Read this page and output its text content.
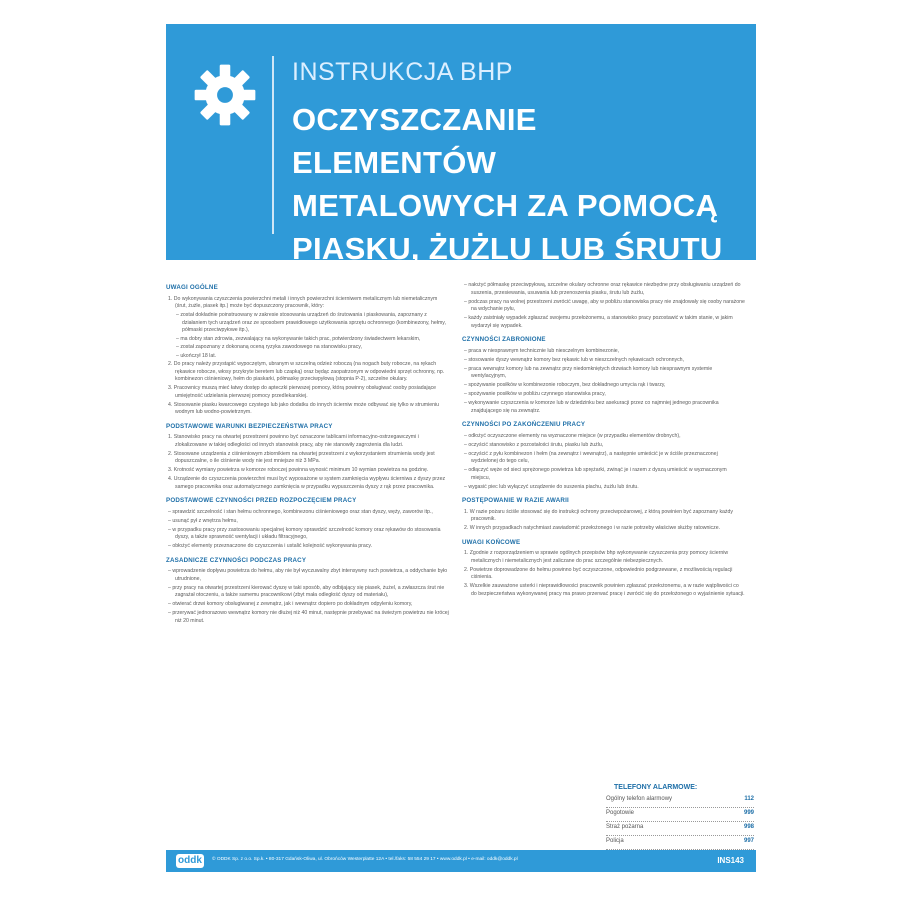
INSTRUKCJA BHP
OCZYSZCZANIE ELEMENTÓW
METALOWYCH ZA POMOCĄ
PIASKU, ŻUŻLU LUB ŚRUTU
UWAGI OGÓLNE
1. Do wykonywania czyszczenia powierzchni metali i innych powierzchni ścierniwem metalicznym lub niemetalicznym (śrut, żużle, piasek itp.) może być dopuszczony pracownik, który:
– został dokładnie poinstruowany w zakresie stosowania urządzeń do śrutowania i piaskowania, zapoznany z działaniem tych urządzeń oraz ze sposobem prawidłowego użytkowania sprzętu ochronnego (kombinezony, hełmy, półmaski przeciwpyłowe itp.),
– ma dobry stan zdrowia, zezwalający na wykonywanie takich prac, potwierdzony świadectwem lekarskim,
– został zapoznany z dokonaną oceną ryzyka zawodowego na stanowisku pracy,
– ukończył 18 lat.
2. Do pracy należy przystąpić wypoczętym, ubranym w szczelną odzież roboczą (na nogach buty robocze, na rękach rękawice robocze, włosy przykryte beretem lub czapką) oraz będąc zaopatrzonym w odpowiedni sprzęt ochronny, np. kombinezon ciśnieniowy, hełm do piaskarki, półmaskę przeciwpyłową (stopnia P-2), szczelne okulary.
3. Pracownicy muszą mieć łatwy dostęp do apteczki pierwszej pomocy, którą powinny obsługiwać osoby posiadające umiejętność udzielania pierwszej pomocy przedlekarskiej.
4. Stosowanie piasku kwarcowego czystego lub jako dodatku do innych ścierniw może odbywać się tylko w strumieniu wodnym lub wodno-powietrznym.
PODSTAWOWE WARUNKI BEZPIECZEŃSTWA PRACY
1. Stanowisko pracy na otwartej przestrzeni powinno być oznaczone tablicami informacyjno-ostrzegawczymi i zlokalizowane w takiej odległości od innych stanowisk pracy, aby nie stanowiły zagrożenia dla ludzi.
2. Stosowane urządzenia z ciśnieniowym zbiornikiem na otwartej przestrzeni z wykorzystaniem strumienia wody jest dopuszczalne, o ile ciśnienie wody nie jest mniejsze niż 3 MPa.
3. Krotność wymiany powietrza w komorze roboczej powinna wynosić minimum 10 wymian powietrza na godzinę.
4. Urządzenie do czyszczenia powierzchni musi być wyposażone w system zamknięcia wypływu ścierniwa z dyszy przez samego pracownika oraz automatycznego zamknięcia w przypadku wypuszczenia dyszy z rąk przez pracownika.
PODSTAWOWE CZYNNOŚCI PRZED ROZPOCZĘCIEM PRACY
– sprawdzić szczelność i stan hełmu ochronnego, kombinezonu ciśnieniowego oraz stan dyszy, węży, zaworów itp.,
– usunąć pył z wnętrza hełmu,
– w przypadku pracy przy zastosowaniu specjalnej komory sprawdzić szczelność komory oraz rękawów do stosowania dyszy, a także sprawność wentylacji i układu filtracyjnego,
– obłożyć elementy przeznaczone do czyszczenia i ustalić kolejność wykonywania pracy.
ZASADNICZE CZYNNOŚCI PODCZAS PRACY
– wprowadzenie dopływu powietrza do hełmu, aby nie był wyczuwalny zbyt intensywny ruch powietrza, a oddychanie było utrudnione,
– przy pracy na otwartej przestrzeni kierować dyszę w taki sposób, aby odbijający się piasek, żużel, a zwłaszcza śrut nie zagrażał otoczeniu, a także samemu pracownikowi (zbyt mała odległość dyszy od materiału),
– otwierać drzwi komory obsługiwanej z zewnątrz, jak i wewnątrz dopiero po dokładnym odpyleniu komory,
– przerywać jednorazowo wewnątrz komory nie dłużej niż 40 minut, następnie przebywać na świeżym powietrzu nie krócej niż 20 minut.
– nałożyć półmaskę przeciwpyłową, szczelne okulary ochronne oraz rękawice niezbędne przy obsługiwaniu urządzeń do suszenia, przesiewania, usuwania lub przenoszenia piasku, śrutu lub żużlu,
– podczas pracy na wolnej przestrzeni zwrócić uwagę, aby w pobliżu stanowiska pracy nie znajdowały się osoby narażone na wdychanie pyłu,
– każdy zaistniały wypadek zgłaszać swojemu przełożonemu, a stanowisko pracy pozostawić w takim stanie, w jakim wydarzył się wypadek.
CZYNNOŚCI ZABRONIONE
– praca w niesprawnym technicznie lub niesczelnym kombinezonie,
– stosowanie dyszy wewnątrz komory bez rękawic lub w nieszczelnych rękawicach ochronnych,
– praca wewnątrz komory lub na zewnątrz przy niedomkniętych drzwiach komory lub niesprawnym systemie wentylacyjnym,
– spożywanie posiłków w kombinezonie roboczym, bez dokładnego umycia rąk i twarzy,
– spożywanie posiłków w pobliżu czynnego stanowiska pracy,
– wykonywanie czyszczenia w komorze lub w dziedzinku bez asekuracji przez co najmniej jednego pracownika znajdującego się na zewnątrz.
CZYNNOŚCI PO ZAKOŃCZENIU PRACY
– odłożyć oczyszczone elementy na wyznaczone miejsce (w przypadku elementów drobnych),
– oczyścić stanowisko z pozostałości śrutu, piasku lub żużlu,
– oczyścić z pyłu kombinezon i hełm (na zewnątrz i wewnątrz), a następnie umieścić je w ściśle przeznaczonej wydzielonej do tego celu,
– odłączyć węże od sieci sprężonego powietrza lub sprężarki, zwinąć je i razem z dyszą umieścić w wyznaczonym miejscu,
– wygasić piec lub wyłączyć urządzenie do suszenia piachu, żużlu lub śrutu.
POSTĘPOWANIE W RAZIE AWARII
1. W razie pożaru ściśle stosować się do instrukcji ochrony przeciwpożarowej, z którą powinien być zapoznany każdy pracownik.
2. W innych przypadkach natychmiast zawiadomić przełożonego i w razie potrzeby właściwe służby ratownicze.
UWAGI KOŃCOWE
1. Zgodnie z rozporządzeniem w sprawie ogólnych przepisów bhp wykonywanie czyszczenia przy pomocy ścierniw metalicznych i niemetalicznych jest zaliczane do prac szczególnie niebezpiecznych.
2. Powietrze doprowadzone do hełmu powinno być oczyszczone, odpowiednio podgrzewane, z możliwością regulacji ciśnienia.
3. Wszelkie zauważone usterki i nieprawidłowości pracownik powinien zgłaszać przełożonemu, a w razie wątpliwości co do bezpieczeństwa wykonywanej pracy ma prawo przerwać pracę i zwrócić się do przełożonego o wyjaśnienie sytuacji.
TELEFONY ALARMOWE:
Ogólny telefon alarmowy	112
Pogotowie	999
Straż pożarna	998
Policja	997
oddk	© ODDK Sp. z o.o. Sp.k. • 80-317 Gdańsk-Oliwa, ul. Obrońców Westerplatte 12A • tel./faks: 58 554 29 17 • www.oddk.pl • e-mail: oddk@oddk.pl	INS143
